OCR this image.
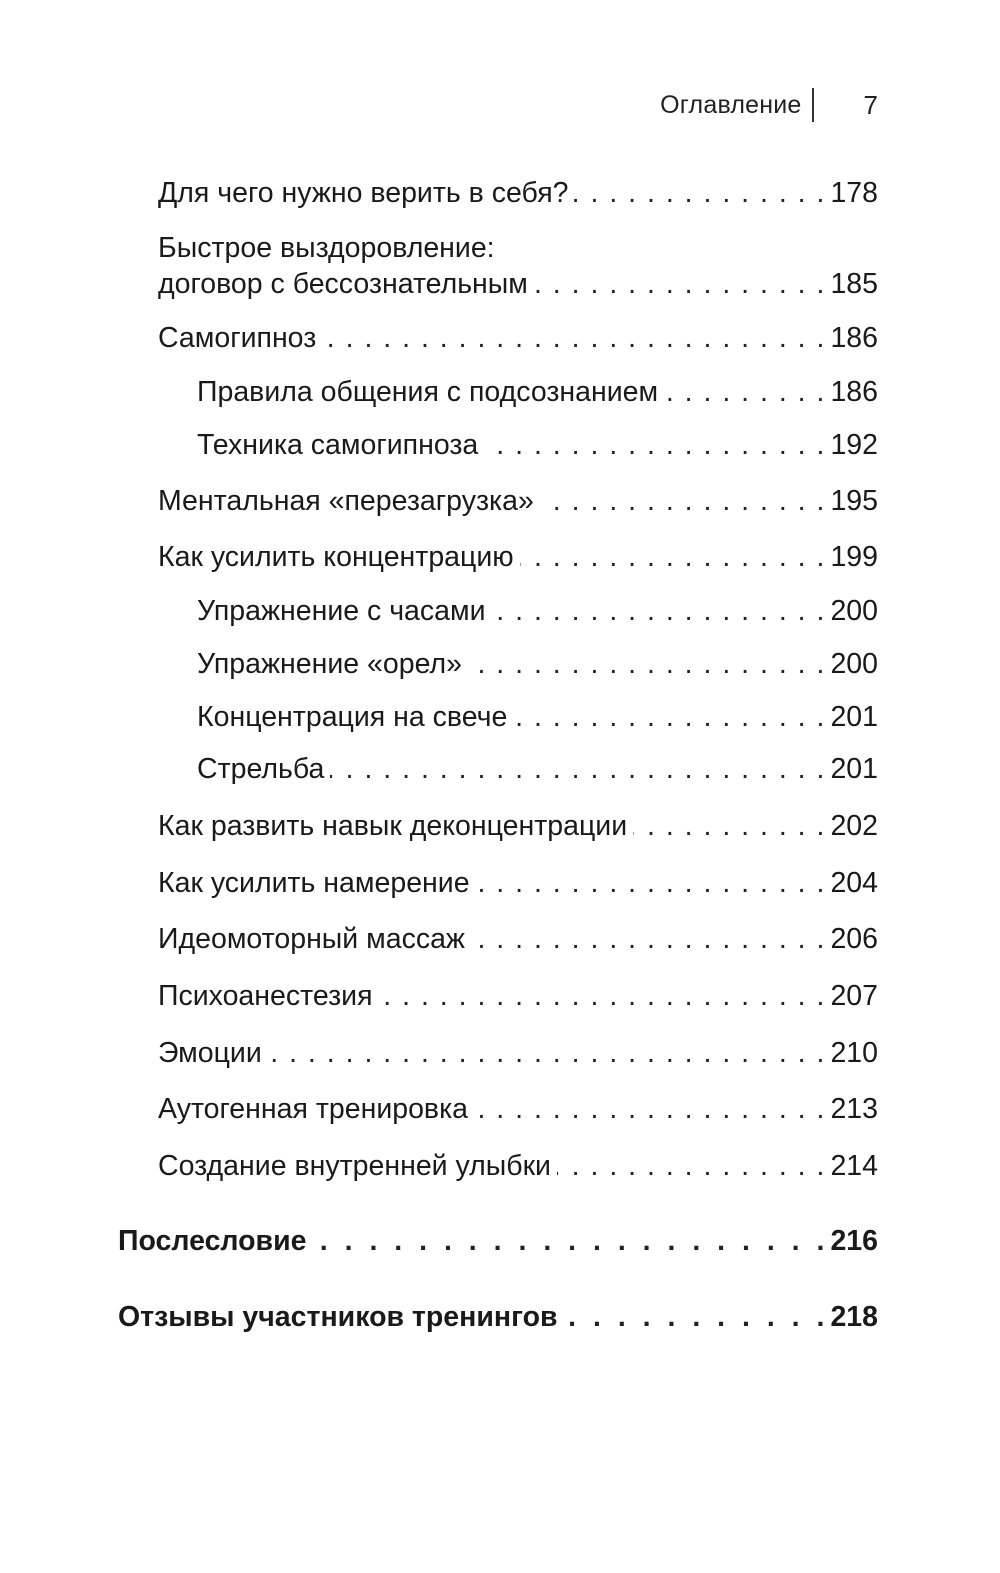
Оглавление	7
Для чего нужно верить в себя? . . .	178
Быстрое выздоровление:
договор с бессознательным . . .	185
Самогипноз . . .	186
Правила общения с подсознанием . . .	186
Техника самогипноза . . .	192
Ментальная «перезагрузка» . . .	195
Как усилить концентрацию . . .	199
Упражнение с часами . . .	200
Упражнение «орел» . . .	200
Концентрация на свече . . .	201
Стрельба . . .	201
Как развить навык деконцентрации . . .	202
Как усилить намерение . . .	204
Идеомоторный массаж . . .	206
Психоанестезия . . .	207
Эмоции . . .	210
Аутогенная тренировка . . .	213
Создание внутренней улыбки . . .	214
Послесловие . . .	216
Отзывы участников тренингов . . .	218
